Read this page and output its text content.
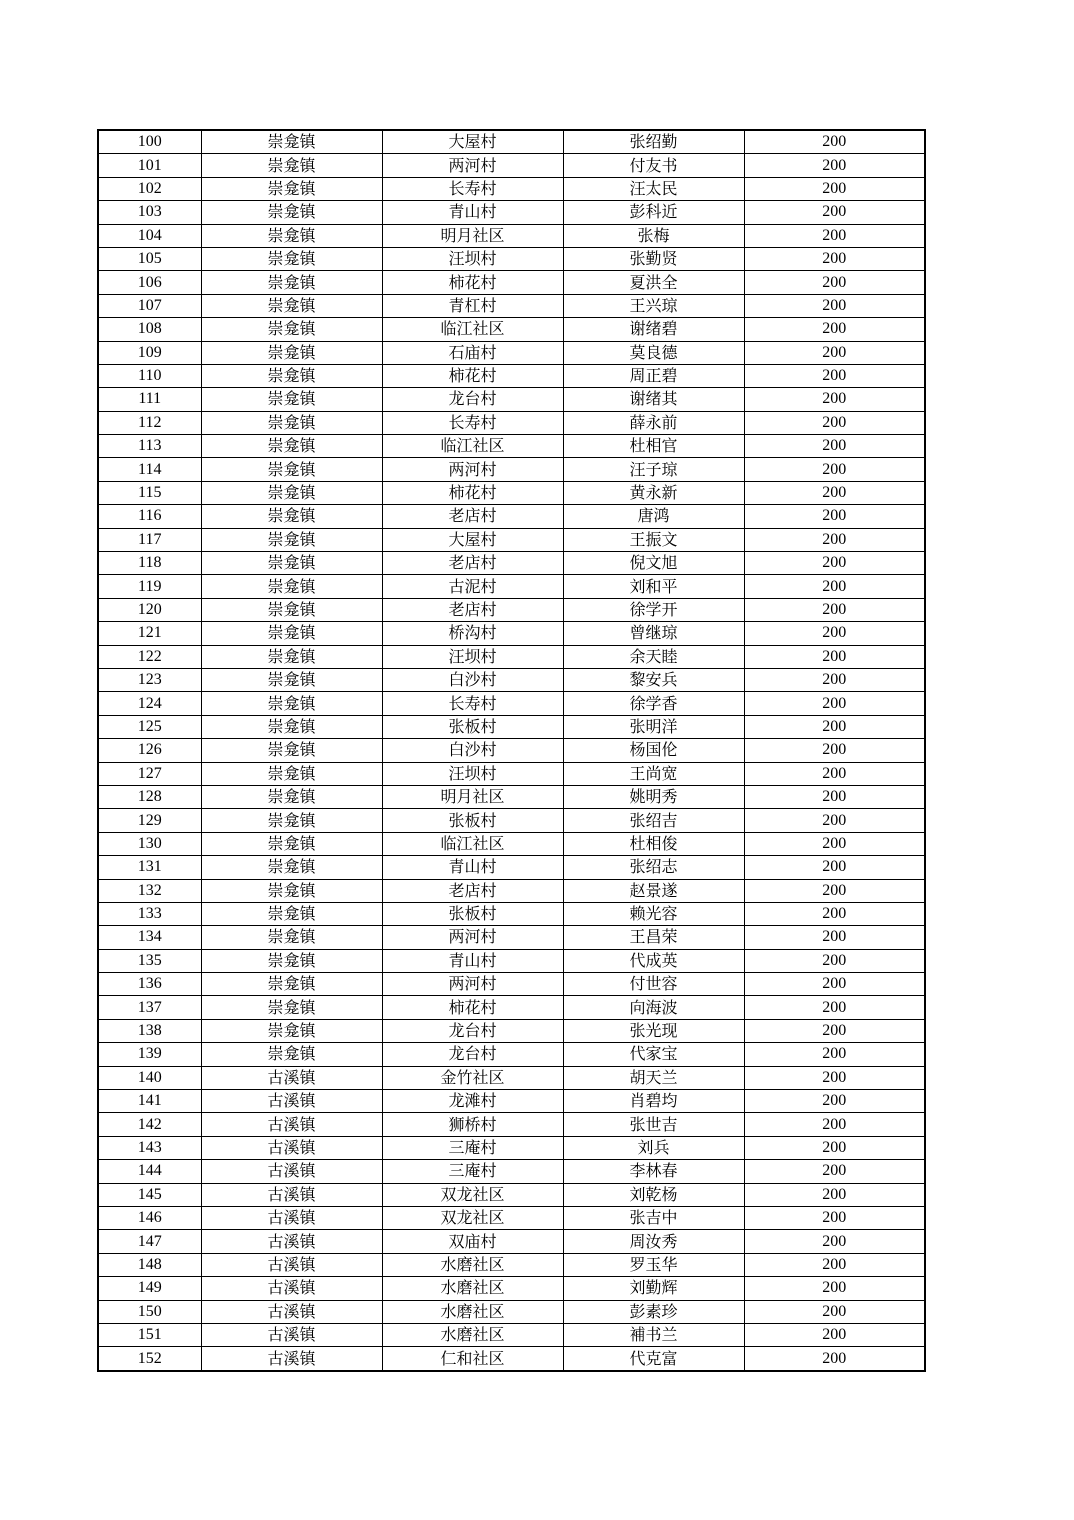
100	崇龛镇	大屋村	张绍勤	200
101	崇龛镇	两河村	付友书	200
102	崇龛镇	长寿村	汪太民	200
103	崇龛镇	青山村	彭科近	200
104	崇龛镇	明月社区	张梅	200
105	崇龛镇	汪坝村	张勤贤	200
106	崇龛镇	柿花村	夏洪全	200
107	崇龛镇	青杠村	王兴琼	200
108	崇龛镇	临江社区	谢绪碧	200
109	崇龛镇	石庙村	莫良德	200
110	崇龛镇	柿花村	周正碧	200
111	崇龛镇	龙台村	谢绪其	200
112	崇龛镇	长寿村	薛永前	200
113	崇龛镇	临江社区	杜相官	200
114	崇龛镇	两河村	汪子琼	200
115	崇龛镇	柿花村	黄永新	200
116	崇龛镇	老店村	唐鸿	200
117	崇龛镇	大屋村	王振文	200
118	崇龛镇	老店村	倪文旭	200
119	崇龛镇	古泥村	刘和平	200
120	崇龛镇	老店村	徐学开	200
121	崇龛镇	桥沟村	曾继琼	200
122	崇龛镇	汪坝村	余天睦	200
123	崇龛镇	白沙村	黎安兵	200
124	崇龛镇	长寿村	徐学香	200
125	崇龛镇	张板村	张明洋	200
126	崇龛镇	白沙村	杨国伦	200
127	崇龛镇	汪坝村	王尚宽	200
128	崇龛镇	明月社区	姚明秀	200
129	崇龛镇	张板村	张绍吉	200
130	崇龛镇	临江社区	杜相俊	200
131	崇龛镇	青山村	张绍志	200
132	崇龛镇	老店村	赵景遂	200
133	崇龛镇	张板村	赖光容	200
134	崇龛镇	两河村	王昌荣	200
135	崇龛镇	青山村	代成英	200
136	崇龛镇	两河村	付世容	200
137	崇龛镇	柿花村	向海波	200
138	崇龛镇	龙台村	张光现	200
139	崇龛镇	龙台村	代家宝	200
140	古溪镇	金竹社区	胡天兰	200
141	古溪镇	龙滩村	肖碧均	200
142	古溪镇	狮桥村	张世吉	200
143	古溪镇	三庵村	刘兵	200
144	古溪镇	三庵村	李林春	200
145	古溪镇	双龙社区	刘乾杨	200
146	古溪镇	双龙社区	张吉中	200
147	古溪镇	双庙村	周汝秀	200
148	古溪镇	水磨社区	罗玉华	200
149	古溪镇	水磨社区	刘勤辉	200
150	古溪镇	水磨社区	彭素珍	200
151	古溪镇	水磨社区	補书兰	200
152	古溪镇	仁和社区	代克富	200
